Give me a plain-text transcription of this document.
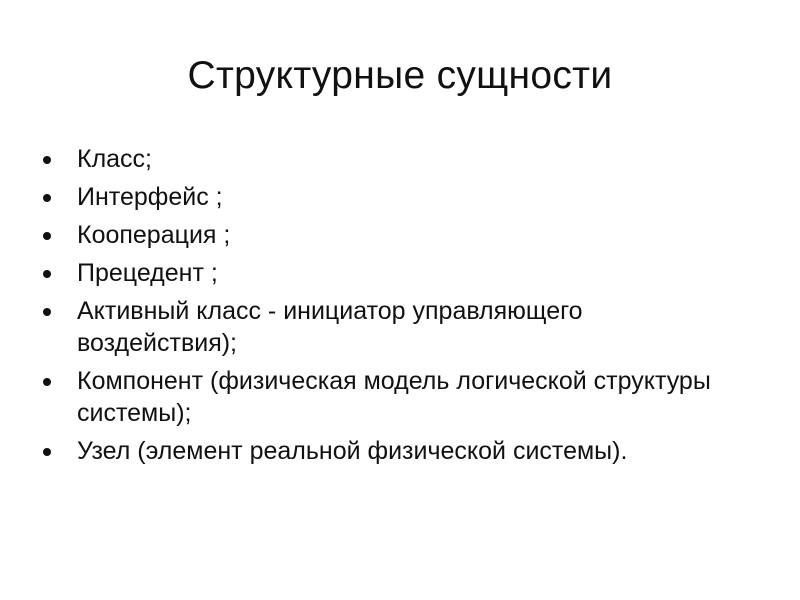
Структурные сущности
Класс;
Интерфейс ;
Кооперация ;
Прецедент ;
Активный класс - инициатор управляющего воздействия);
Компонент (физическая модель логической структуры системы);
Узел (элемент реальной физической системы).
